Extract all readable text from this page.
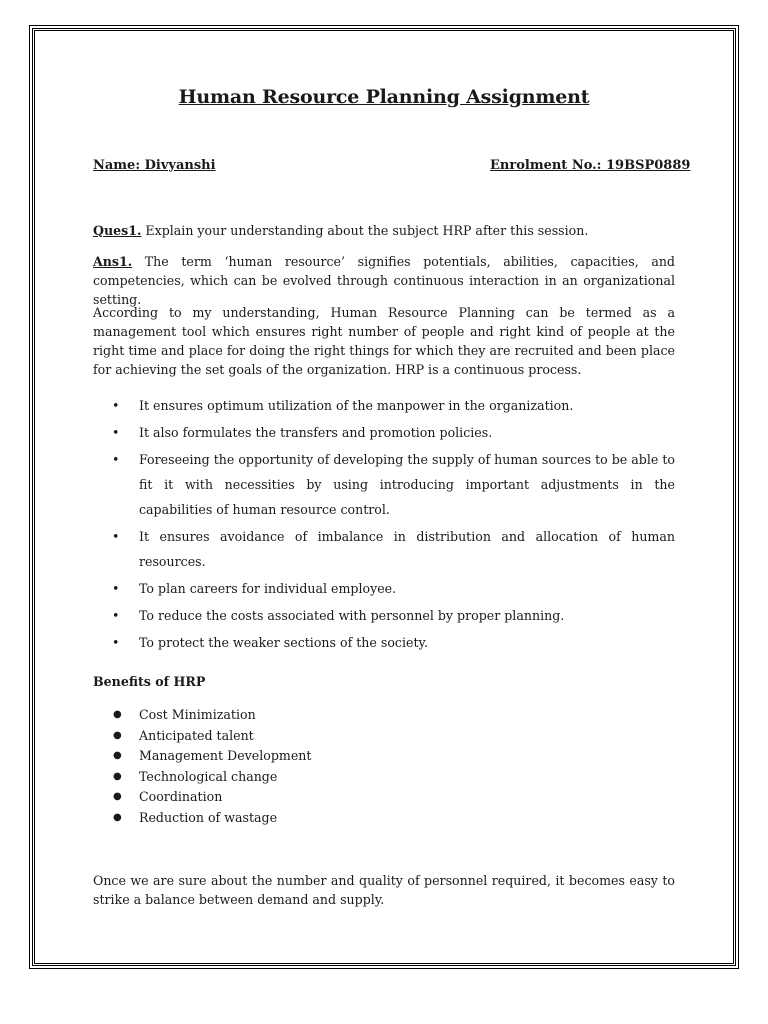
Human Resource Planning Assignment
Name: Divyanshi	Enrolment No.: 19BSP0889

Ques1. Explain your understanding about the subject HRP after this session.

Ans1. The term ‘human resource’ signifies potentials, abilities, capacities, and competencies, which can be evolved through continuous interaction in an organizational setting.

According to my understanding, Human Resource Planning can be termed as a management tool which ensures right number of people and right kind of people at the right time and place for doing the right things for which they are recruited and been place for achieving the set goals of the organization. HRP is a continuous process.

• It ensures optimum utilization of the manpower in the organization.
• It also formulates the transfers and promotion policies.
• Foreseeing the opportunity of developing the supply of human sources to be able to fit it with necessities by using introducing important adjustments in the capabilities of human resource control.
• It ensures avoidance of imbalance in distribution and allocation of human resources.
• To plan careers for individual employee.
• To reduce the costs associated with personnel by proper planning.
• To protect the weaker sections of the society.
Benefits of HRP
● Cost Minimization
● Anticipated talent
● Management Development
● Technological change
● Coordination
● Reduction of wastage

Once we are sure about the number and quality of personnel required, it becomes easy to strike a balance between demand and supply.
